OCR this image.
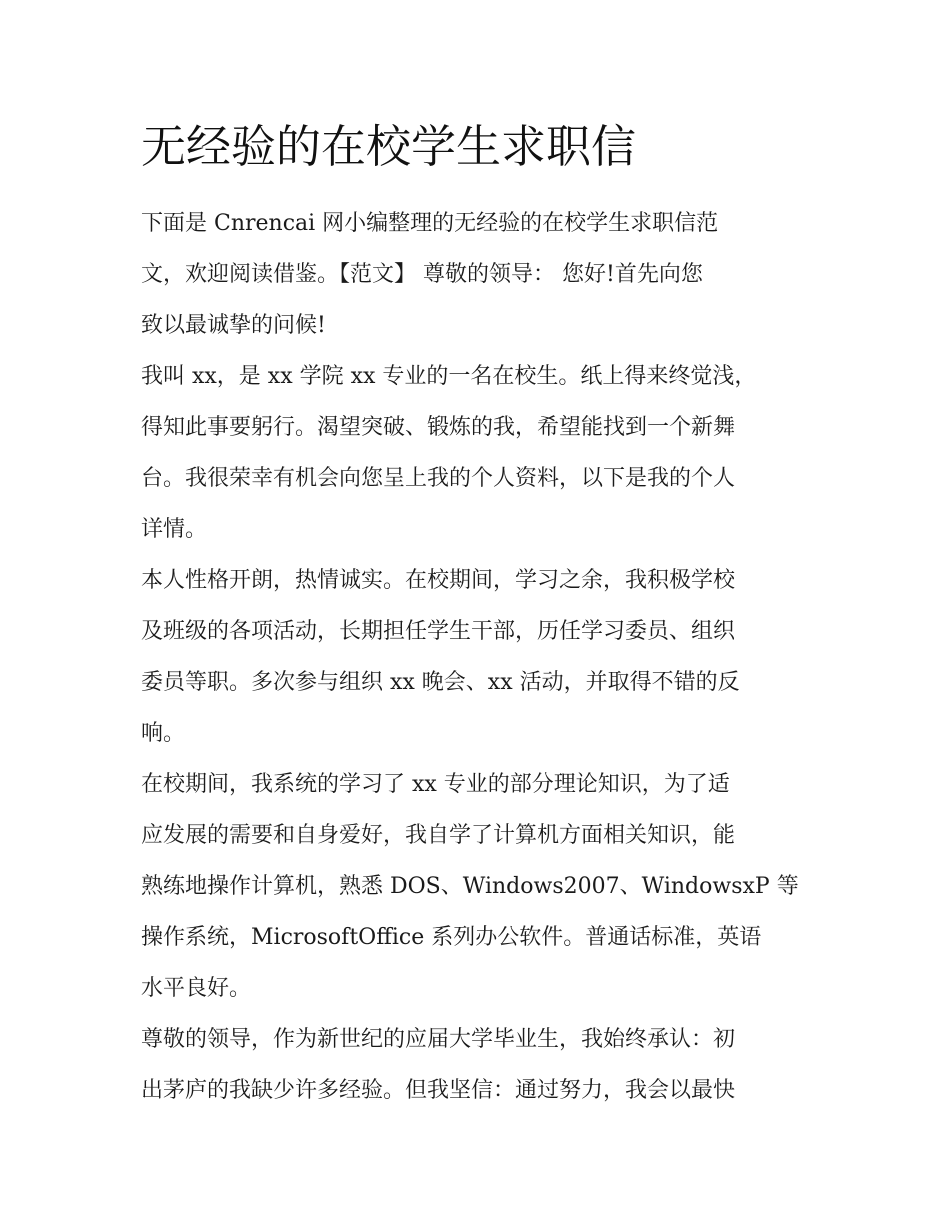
无经验的在校学生求职信

下面是 Cnrencai 网小编整理的无经验的在校学生求职信范
文，欢迎阅读借鉴。【范文】 尊敬的领导： 您好!首先向您
致以最诚挚的问候!

我叫 xx，是 xx 学院 xx 专业的一名在校生。纸上得来终觉浅，
得知此事要躬行。渴望突破、锻炼的我，希望能找到一个新舞
台。我很荣幸有机会向您呈上我的个人资料，以下是我的个人
详情。

本人性格开朗，热情诚实。在校期间，学习之余，我积极学校
及班级的各项活动，长期担任学生干部，历任学习委员、组织
委员等职。多次参与组织 xx 晚会、xx 活动，并取得不错的反
响。

在校期间，我系统的学习了 xx 专业的部分理论知识，为了适
应发展的需要和自身爱好，我自学了计算机方面相关知识，能
熟练地操作计算机，熟悉 DOS、Windows2007、WindowsxP 等
操作系统，MicrosoftOffice 系列办公软件。普通话标准，英语
水平良好。

尊敬的领导，作为新世纪的应届大学毕业生，我始终承认：初
出茅庐的我缺少许多经验。但我坚信：通过努力，我会以最快
